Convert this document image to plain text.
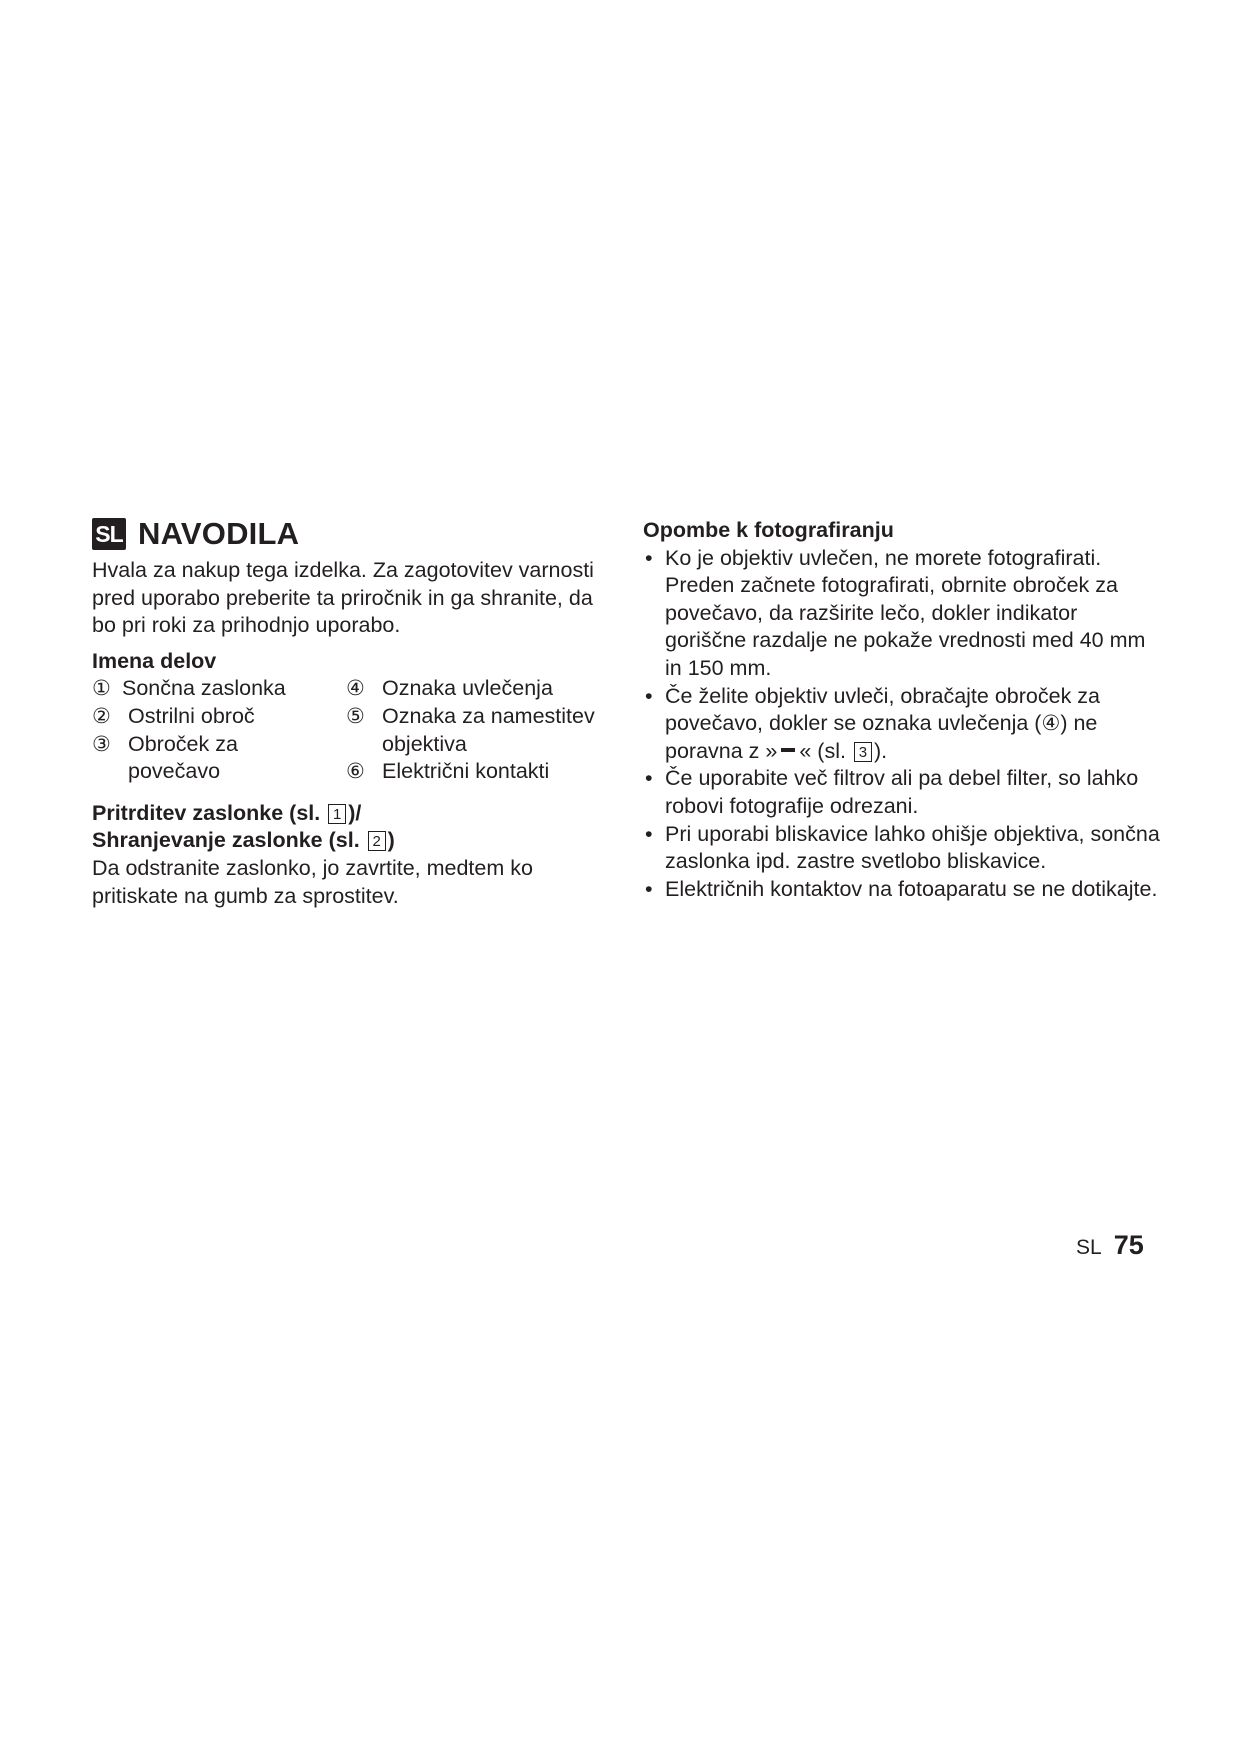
SL NAVODILA

Hvala za nakup tega izdelka. Za zagotovitev varnosti pred uporabo preberite ta priročnik in ga shranite, da bo pri roki za prihodnjo uporabo.

Imena delov

① Sončna zaslonka
② Ostrilni obroč
③ Obroček za povečavo
④ Oznaka uvlečenja
⑤ Oznaka za namestitev objektiva
⑥ Električni kontakti

Pritrditev zaslonke (sl. 1 )/
Shranjevanje zaslonke (sl. 2 )

Da odstranite zaslonko, jo zavrtite, medtem ko pritiskate na gumb za sprostitev.

Opombe k fotografiranju

• Ko je objektiv uvlečen, ne morete fotografirati. Preden začnete fotografirati, obrnite obroček za povečavo, da razširite lečo, dokler indikator goriščne razdalje ne pokaže vrednosti med 40 mm in 150 mm.
• Če želite objektiv uvleči, obračajte obroček za povečavo, dokler se oznaka uvlečenja (④) ne poravna z » « (sl. 3 ).
• Če uporabite več filtrov ali pa debel filter, so lahko robovi fotografije odrezani.
• Pri uporabi bliskavice lahko ohišje objektiva, sončna zaslonka ipd. zastre svetlobo bliskavice.
• Električnih kontaktov na fotoaparatu se ne dotikajte.
SL 75
